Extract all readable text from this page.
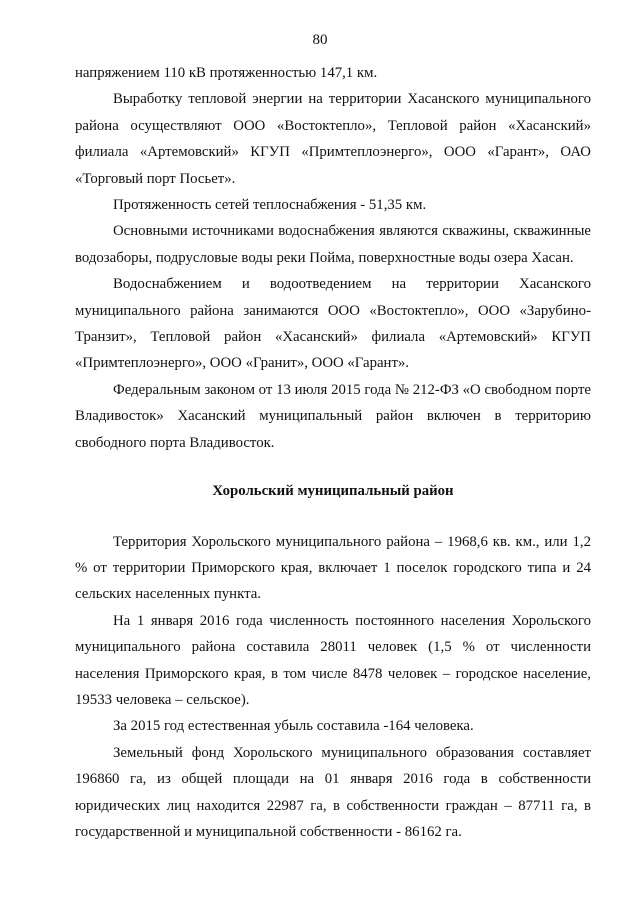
80

напряжением 110 кВ протяженностью 147,1 км.

Выработку тепловой энергии на территории Хасанского муниципального района осуществляют ООО «Востоктепло», Тепловой район «Хасанский» филиала «Артемовский» КГУП «Примтеплоэнерго», ООО «Гарант», ОАО «Торговый порт Посьет».

Протяженность сетей теплоснабжения - 51,35 км.

Основными источниками водоснабжения являются скважины, скважинные водозаборы, подрусловые воды реки Пойма, поверхностные воды озера Хасан.

Водоснабжением и водоотведением на территории Хасанского муниципального района занимаются ООО «Востоктепло», ООО «Зарубино-Транзит», Тепловой район «Хасанский» филиала «Артемовский» КГУП «Примтеплоэнерго», ООО «Гранит», ООО «Гарант».

Федеральным законом от 13 июля 2015 года № 212-ФЗ «О свободном порте Владивосток» Хасанский муниципальный район включен в территорию свободного порта Владивосток.

Хорольский муниципальный район

Территория Хорольского муниципального района – 1968,6 кв. км., или 1,2 % от территории Приморского края, включает 1 поселок городского типа и 24 сельских населенных пункта.

На 1 января 2016 года численность постоянного населения Хорольского муниципального района составила 28011 человек (1,5 % от численности населения Приморского края, в том числе 8478 человек – городское население, 19533 человека – сельское).

За 2015 год естественная убыль составила -164 человека.

Земельный фонд Хорольского муниципального образования составляет 196860 га, из общей площади на 01 января 2016 года в собственности юридических лиц находится 22987 га, в собственности граждан – 87711 га, в государственной и муниципальной собственности - 86162 га.
